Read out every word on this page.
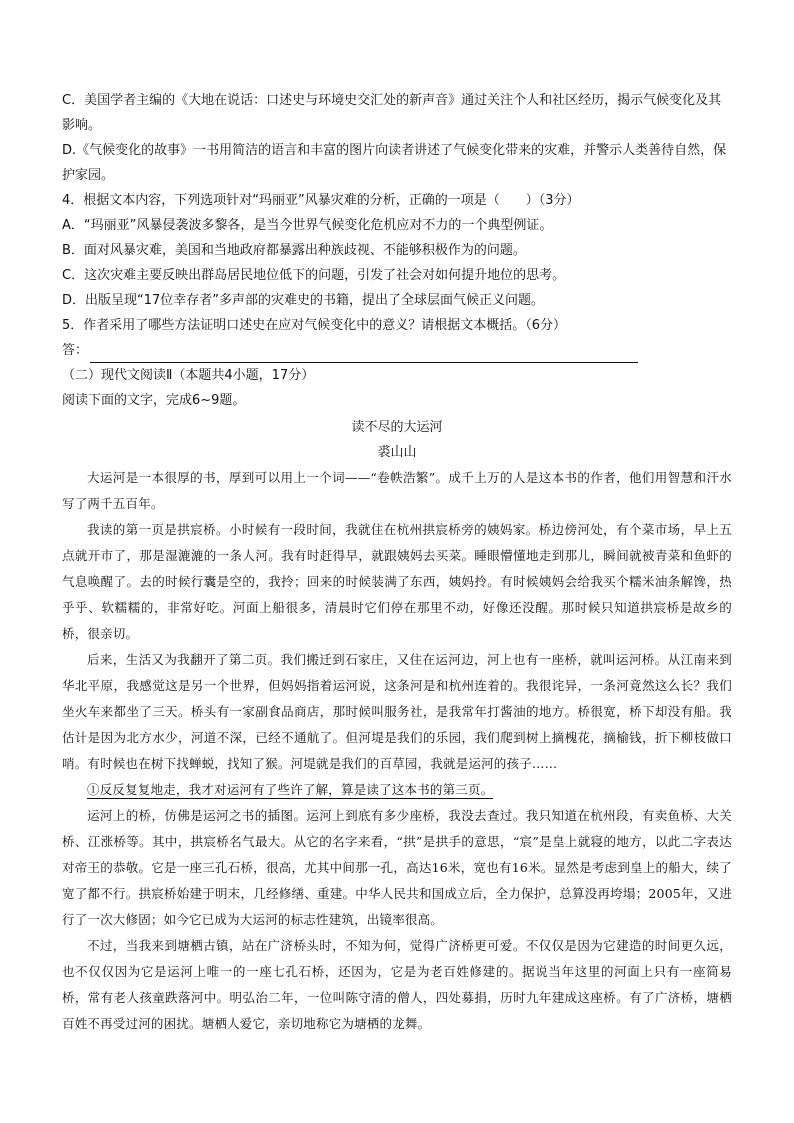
C．美国学者主编的《大地在说话：口述史与环境史交汇处的新声音》通过关注个人和社区经历，揭示气候变化及其影响。

D.《气候变化的故事》一书用简洁的语言和丰富的图片向读者讲述了气候变化带来的灾难，并警示人类善待自然，保护家园。

4．根据文本内容，下列选项针对“玛丽亚”风暴灾难的分析，正确的一项是（　　）（3分）

A．“玛丽亚”风暴侵袭波多黎各，是当今世界气候变化危机应对不力的一个典型例证。

B．面对风暴灾难，美国和当地政府都暴露出种族歧视、不能够积极作为的问题。

C．这次灾难主要反映出群岛居民地位低下的问题，引发了社会对如何提升地位的思考。

D．出版呈现“17位幸存者”多声部的灾难史的书籍，提出了全球层面气候正义问题。

5．作者采用了哪些方法证明口述史在应对气候变化中的意义？请根据文本概括。（6分）

答：

（二）现代文阅读Ⅱ（本题共4小题，17分）

阅读下面的文字，完成6~9题。

读不尽的大运河

裘山山

大运河是一本很厚的书，厚到可以用上一个词——“卷帙浩繁”。成千上万的人是这本书的作者，他们用智慧和汗水写了两千五百年。

我读的第一页是拱宸桥。小时候有一段时间，我就住在杭州拱宸桥旁的姨妈家。桥边傍河处，有个菜市场，早上五点就开市了，那是湿漉漉的一条人河。我有时赶得早，就跟姨妈去买菜。睡眼懵懂地走到那儿，瞬间就被青菜和鱼虾的气息唤醒了。去的时候行囊是空的，我拎；回来的时候装满了东西，姨妈拎。有时候姨妈会给我买个糯米油条解馋，热乎乎、软糯糯的，非常好吃。河面上船很多，清晨时它们停在那里不动，好像还没醒。那时候只知道拱宸桥是故乡的桥，很亲切。

后来，生活又为我翻开了第二页。我们搬迁到石家庄，又住在运河边，河上也有一座桥，就叫运河桥。从江南来到华北平原，我感觉这是另一个世界，但妈妈指着运河说，这条河是和杭州连着的。我很诧异，一条河竟然这么长？我们坐火车来都坐了三天。桥头有一家副食品商店，那时候叫服务社，是我常年打酱油的地方。桥很宽，桥下却没有船。我估计是因为北方水少，河道不深，已经不通航了。但河堤是我们的乐园，我们爬到树上摘槐花，摘榆钱，折下柳枝做口哨。有时候也在树下找蝉蜕，找知了猴。河堤就是我们的百草园，我就是运河的孩子……

①反反复复地走，我才对运河有了些许了解，算是读了这本书的第三页。

运河上的桥，仿佛是运河之书的插图。运河上到底有多少座桥，我没去查过。我只知道在杭州段，有卖鱼桥、大关桥、江涨桥等。其中，拱宸桥名气最大。从它的名字来看，“拱”是拱手的意思，“宸”是皇上就寝的地方，以此二字表达对帝王的恭敬。它是一座三孔石桥，很高，尤其中间那一孔，高达16米，宽也有16米。显然是考虑到皇上的船大，续了宽了都不行。拱宸桥始建于明末，几经修缮、重建。中华人民共和国成立后，全力保护，总算没再垮塌；2005年，又进行了一次大修固；如今它已成为大运河的标志性建筑，出镜率很高。

不过，当我来到塘栖古镇，站在广济桥头时，不知为何，觉得广济桥更可爱。不仅仅是因为它建造的时间更久远，也不仅仅因为它是运河上唯一的一座七孔石桥，还因为，它是为老百姓修建的。据说当年这里的河面上只有一座简易桥，常有老人孩童跌落河中。明弘治二年，一位叫陈守清的僧人，四处募捐，历时九年建成这座桥。有了广济桥，塘栖百姓不再受过河的困扰。塘栖人爱它，亲切地称它为塘栖的龙舞。
